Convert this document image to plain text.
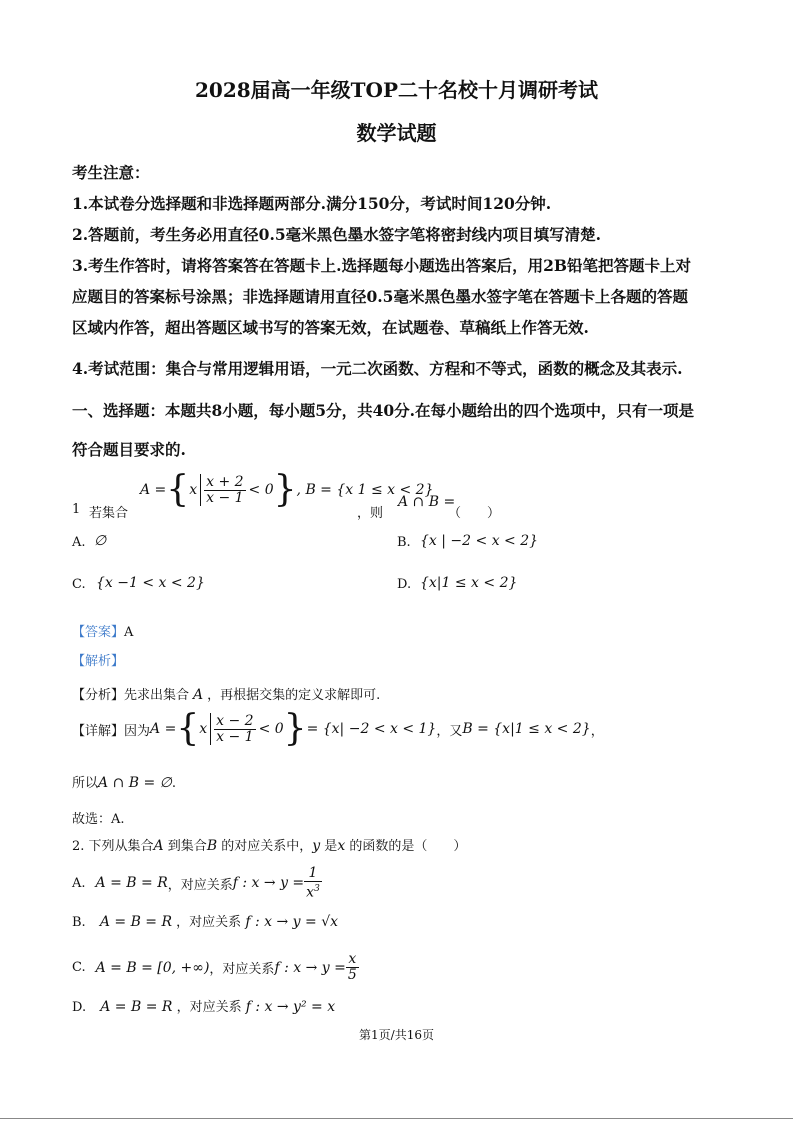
2028届高一年级TOP二十名校十月调研考试
数学试题
考生注意：
1.本试卷分选择题和非选择题两部分.满分150分，考试时间120分钟.
2.答题前，考生务必用直径0.5毫米黑色墨水签字笔将密封线内项目填写清楚.
3.考生作答时，请将答案答在答题卡上.选择题每小题选出答案后，用2B铅笔把答题卡上对
应题目的答案标号涂黑；非选择题请用直径0.5毫米黑色墨水签字笔在答题卡上各题的答题
区域内作答，超出答题区域书写的答案无效，在试题卷、草稿纸上作答无效.
4.考试范围：集合与常用逻辑用语，一元二次函数、方程和不等式，函数的概念及其表示.
一、选择题：本题共8小题，每小题5分，共40分.在每小题给出的四个选项中，只有一项是
符合题目要求的.
1 若集合
A = { x $\frac{x + 2}{x - 1} < 0$ } , B = {x 1 ≤ x < 2}
，则
A ∩ B =
（　　）
A. ∅	B. {x | −2 < x < 2}
C. {x −1 < x < 2}	D. {x|1 ≤ x < 2}
【答案】A
【解析】
【分析】先求出集合 A ，再根据交集的定义求解即可.
【详解】 因为 A = { x $\frac{x - 2}{x - 1} < 0$ } = {x| −2 < x < 1} ，又 B = {x|1 ≤ x < 2} ，
所以A ∩ B = ∅.
故选：A.
2. 下列从集合A 到集合B 的对应关系中，y 是x 的函数的是（　　）
A. A = B = R ，对应关系 f : $x \to y = \frac{1}{x^3}$
B. A = B = R ，对应关系 f : x → y = √x
C. A = B = [0, +∞) ，对应关系 f : $x \to y = \frac{x}{5}$
D. A = B = R ，对应关系 f : x → y² = x
第1页/共16页
